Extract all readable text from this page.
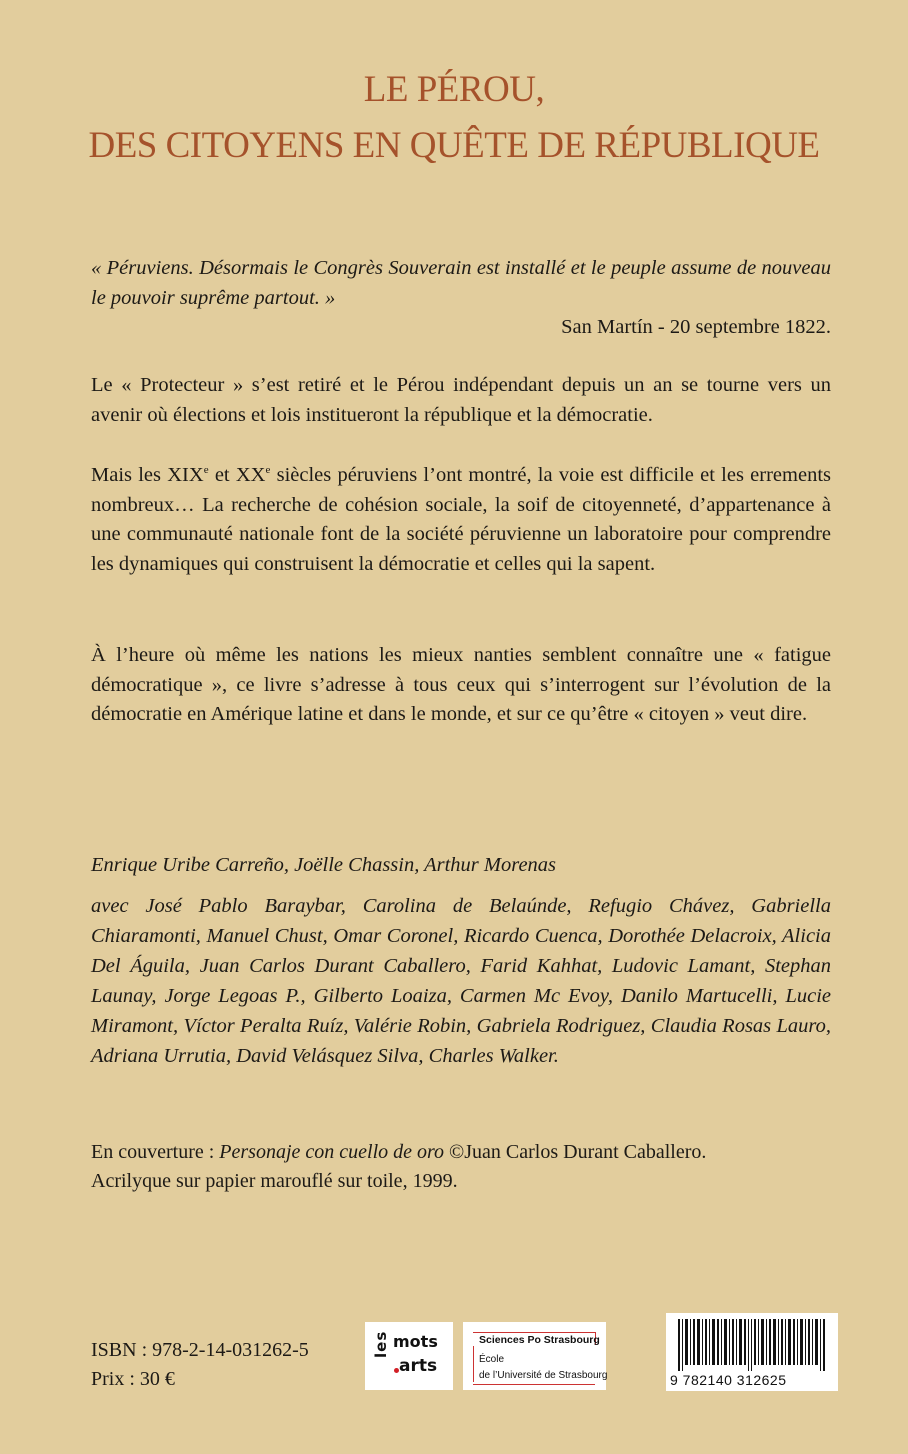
LE PÉROU,
DES CITOYENS EN QUÊTE DE RÉPUBLIQUE
« Péruviens. Désormais le Congrès Souverain est installé et le peuple assume de nouveau le pouvoir suprême partout. »
San Martín - 20 septembre 1822.
Le « Protecteur » s’est retiré et le Pérou indépendant depuis un an se tourne vers un avenir où élections et lois institueront la république et la démocratie.
Mais les XIXe et XXe siècles péruviens l’ont montré, la voie est difficile et les errements nombreux… La recherche de cohésion sociale, la soif de citoyenneté, d’appartenance à une communauté nationale font de la société péruvienne un laboratoire pour comprendre les dynamiques qui construisent la démocratie et celles qui la sapent.
À l’heure où même les nations les mieux nanties semblent connaître une « fatigue démocratique », ce livre s’adresse à tous ceux qui s’interrogent sur l’évolution de la démocratie en Amérique latine et dans le monde, et sur ce qu’être « citoyen » veut dire.
Enrique Uribe Carreño, Joëlle Chassin, Arthur Morenas
avec José Pablo Baraybar, Carolina de Belaúnde, Refugio Chávez, Gabriella Chiaramonti, Manuel Chust, Omar Coronel, Ricardo Cuenca, Dorothée Delacroix, Alicia Del Águila, Juan Carlos Durant Caballero, Farid Kahhat, Ludovic Lamant, Stephan Launay, Jorge Legoas P., Gilberto Loaiza, Carmen Mc Evoy, Danilo Martucelli, Lucie Miramont, Víctor Peralta Ruíz, Valérie Robin, Gabriela Rodriguez, Claudia Rosas Lauro, Adriana Urrutia, David Velásquez Silva, Charles Walker.
En couverture : Personaje con cuello de oro ©Juan Carlos Durant Caballero.
Acrilyque sur papier marouflé sur toile, 1999.
ISBN : 978-2-14-031262-5
Prix : 30 €
les mots
arts
Sciences Po Strasbourg
École
de l’Université de Strasbourg	9 782140 312625
